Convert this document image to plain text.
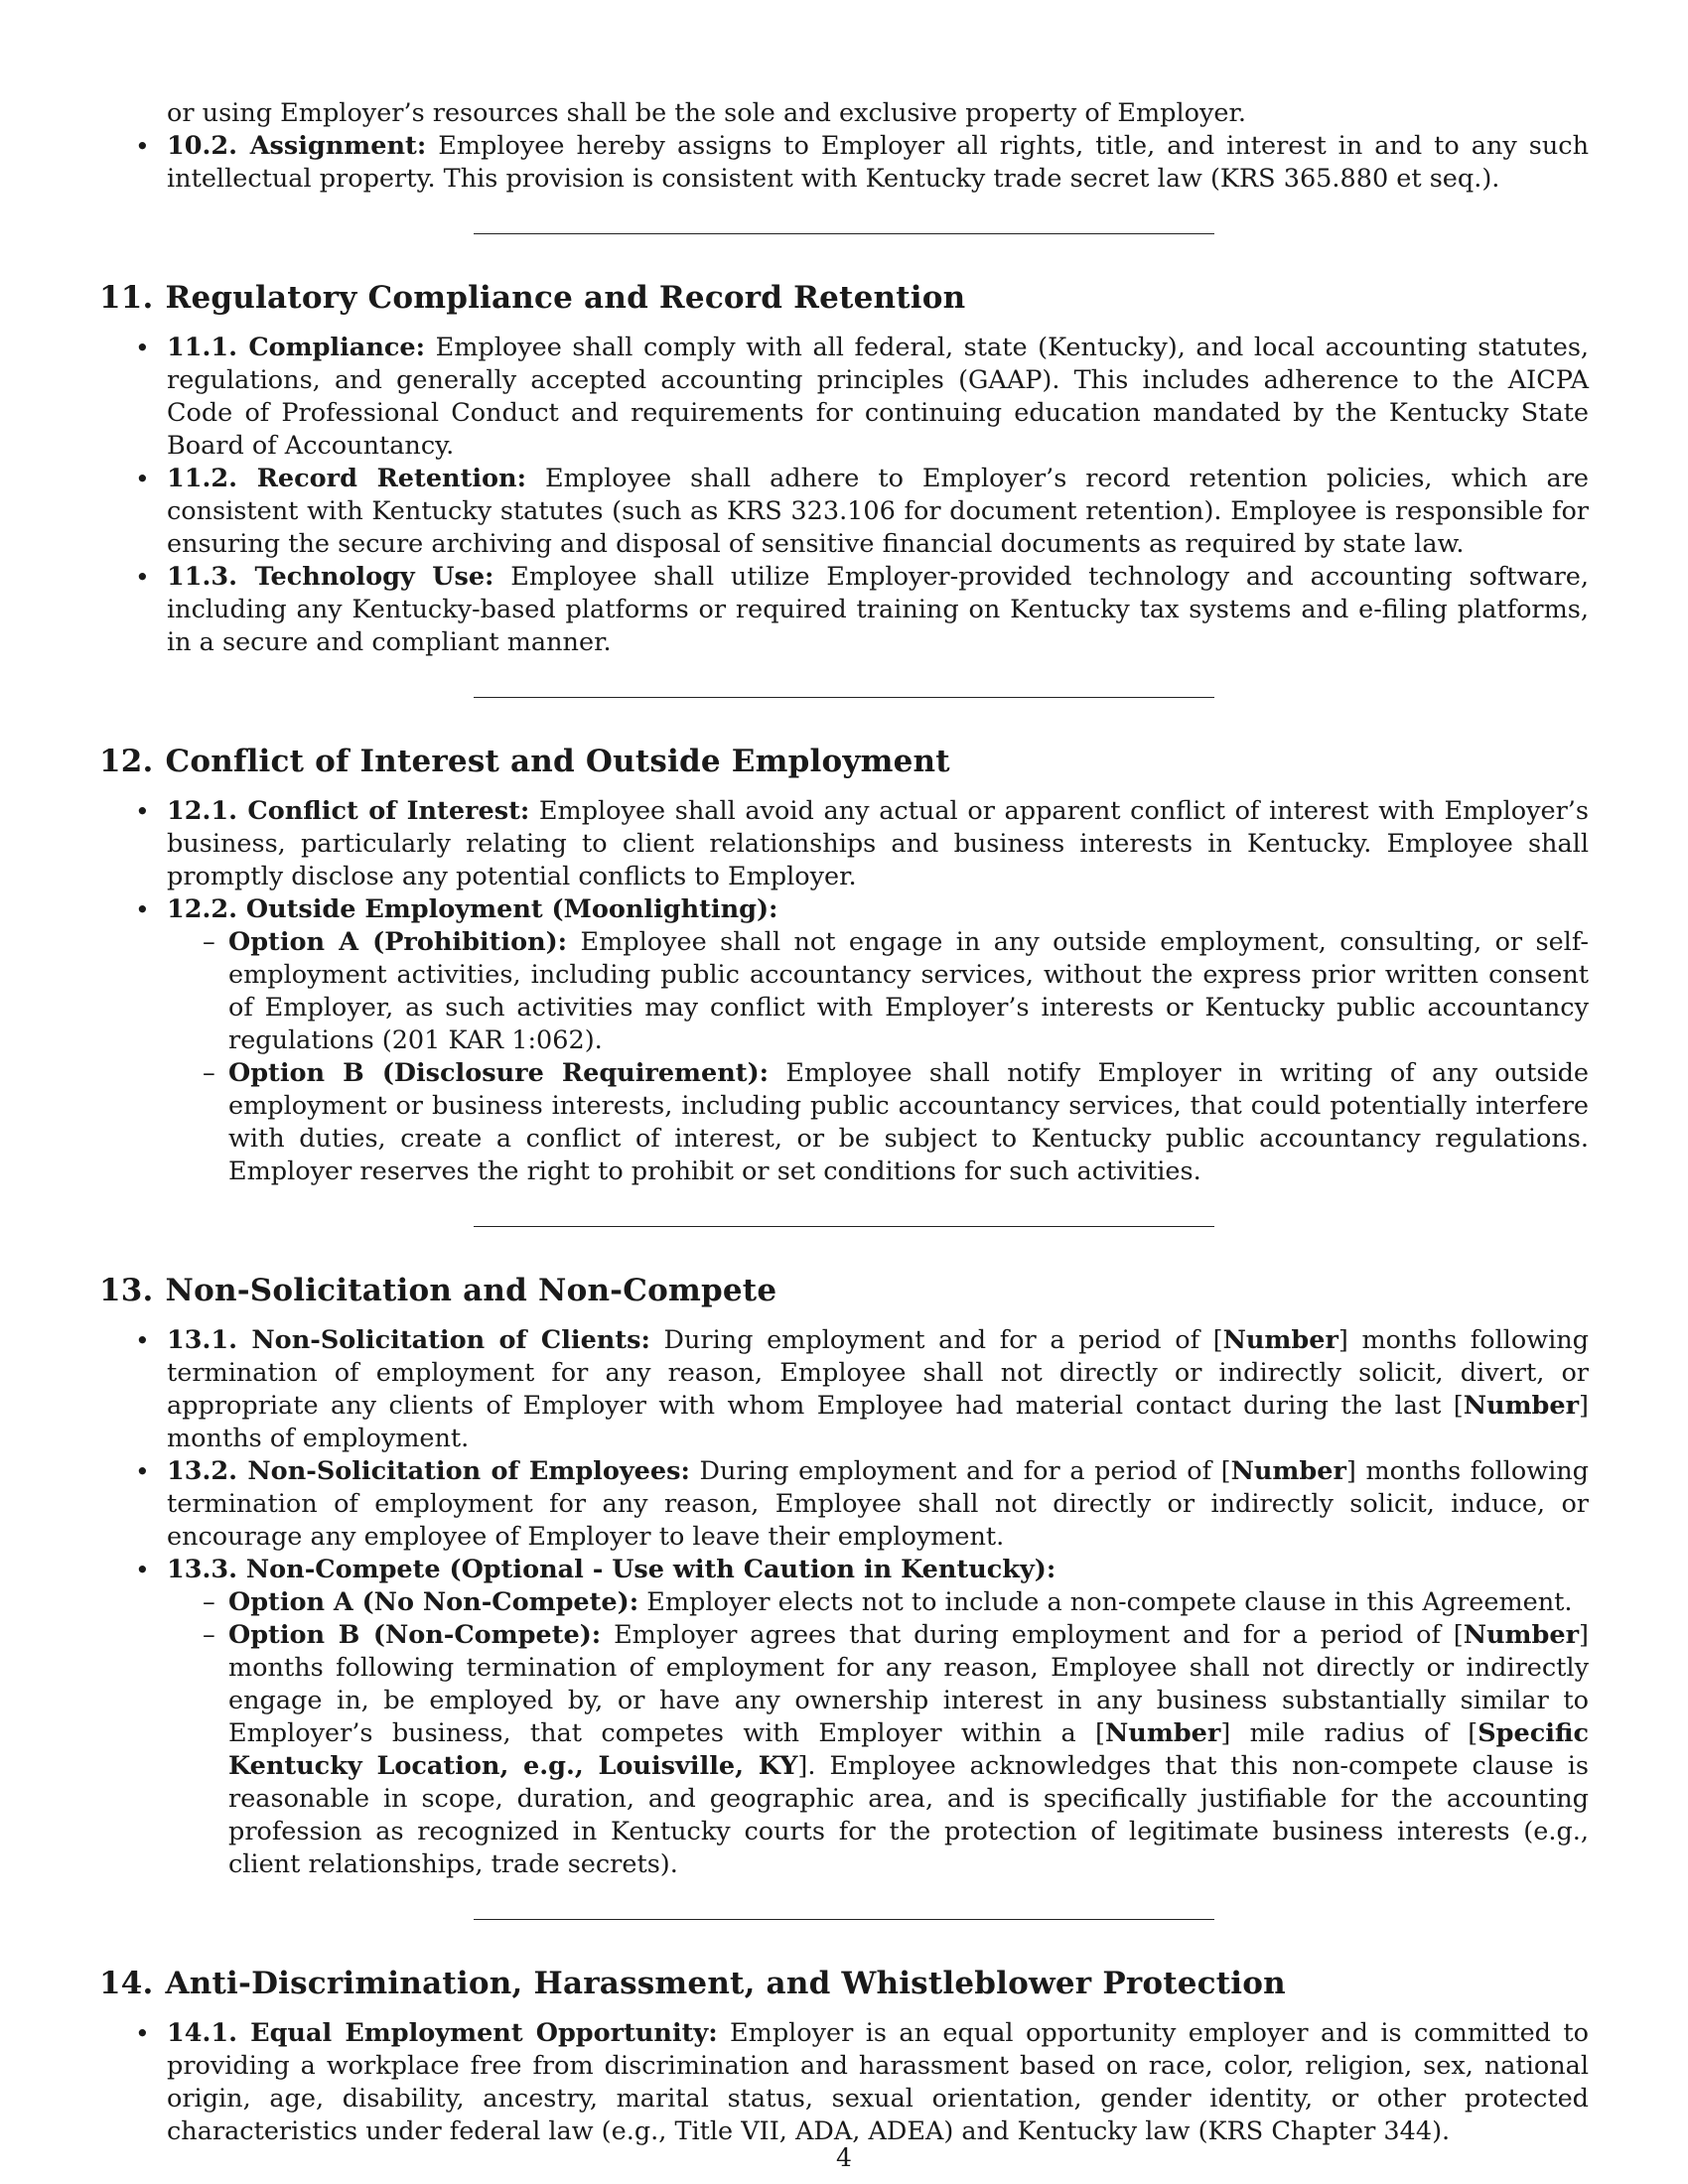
or using Employer’s resources shall be the sole and exclusive property of Employer.
• 10.2. Assignment: Employee hereby assigns to Employer all rights, title, and interest in and to any such intellectual property. This provision is consistent with Kentucky trade secret law (KRS 365.880 et seq.).
11. Regulatory Compliance and Record Retention
• 11.1. Compliance: Employee shall comply with all federal, state (Kentucky), and local accounting statutes, regulations, and generally accepted accounting principles (GAAP). This includes adherence to the AICPA Code of Professional Conduct and requirements for continuing education mandated by the Kentucky State Board of Accountancy.
• 11.2. Record Retention: Employee shall adhere to Employer’s record retention policies, which are consistent with Kentucky statutes (such as KRS 323.106 for document retention). Employee is responsible for ensuring the secure archiving and disposal of sensitive financial documents as required by state law.
• 11.3. Technology Use: Employee shall utilize Employer-provided technology and accounting software, including any Kentucky-based platforms or required training on Kentucky tax systems and e-filing platforms, in a secure and compliant manner.
12. Conflict of Interest and Outside Employment
• 12.1. Conflict of Interest: Employee shall avoid any actual or apparent conflict of interest with Employer’s business, particularly relating to client relationships and business interests in Kentucky. Employee shall promptly disclose any potential conflicts to Employer.
• 12.2. Outside Employment (Moonlighting):
– Option A (Prohibition): Employee shall not engage in any outside employment, consulting, or self-employment activities, including public accountancy services, without the express prior written consent of Employer, as such activities may conflict with Employer’s interests or Kentucky public accountancy regulations (201 KAR 1:062).
– Option B (Disclosure Requirement): Employee shall notify Employer in writing of any outside employment or business interests, including public accountancy services, that could potentially interfere with duties, create a conflict of interest, or be subject to Kentucky public accountancy regulations. Employer reserves the right to prohibit or set conditions for such activities.
13. Non-Solicitation and Non-Compete
• 13.1. Non-Solicitation of Clients: During employment and for a period of [Number] months following termination of employment for any reason, Employee shall not directly or indirectly solicit, divert, or appropriate any clients of Employer with whom Employee had material contact during the last [Number] months of employment.
• 13.2. Non-Solicitation of Employees: During employment and for a period of [Number] months following termination of employment for any reason, Employee shall not directly or indirectly solicit, induce, or encourage any employee of Employer to leave their employment.
• 13.3. Non-Compete (Optional - Use with Caution in Kentucky):
– Option A (No Non-Compete): Employer elects not to include a non-compete clause in this Agreement.
– Option B (Non-Compete): Employer agrees that during employment and for a period of [Number] months following termination of employment for any reason, Employee shall not directly or indirectly engage in, be employed by, or have any ownership interest in any business substantially similar to Employer’s business, that competes with Employer within a [Number] mile radius of [Specific Kentucky Location, e.g., Louisville, KY]. Employee acknowledges that this non-compete clause is reasonable in scope, duration, and geographic area, and is specifically justifiable for the accounting profession as recognized in Kentucky courts for the protection of legitimate business interests (e.g., client relationships, trade secrets).
14. Anti-Discrimination, Harassment, and Whistleblower Protection
• 14.1. Equal Employment Opportunity: Employer is an equal opportunity employer and is committed to providing a workplace free from discrimination and harassment based on race, color, religion, sex, national origin, age, disability, ancestry, marital status, sexual orientation, gender identity, or other protected characteristics under federal law (e.g., Title VII, ADA, ADEA) and Kentucky law (KRS Chapter 344).
4
